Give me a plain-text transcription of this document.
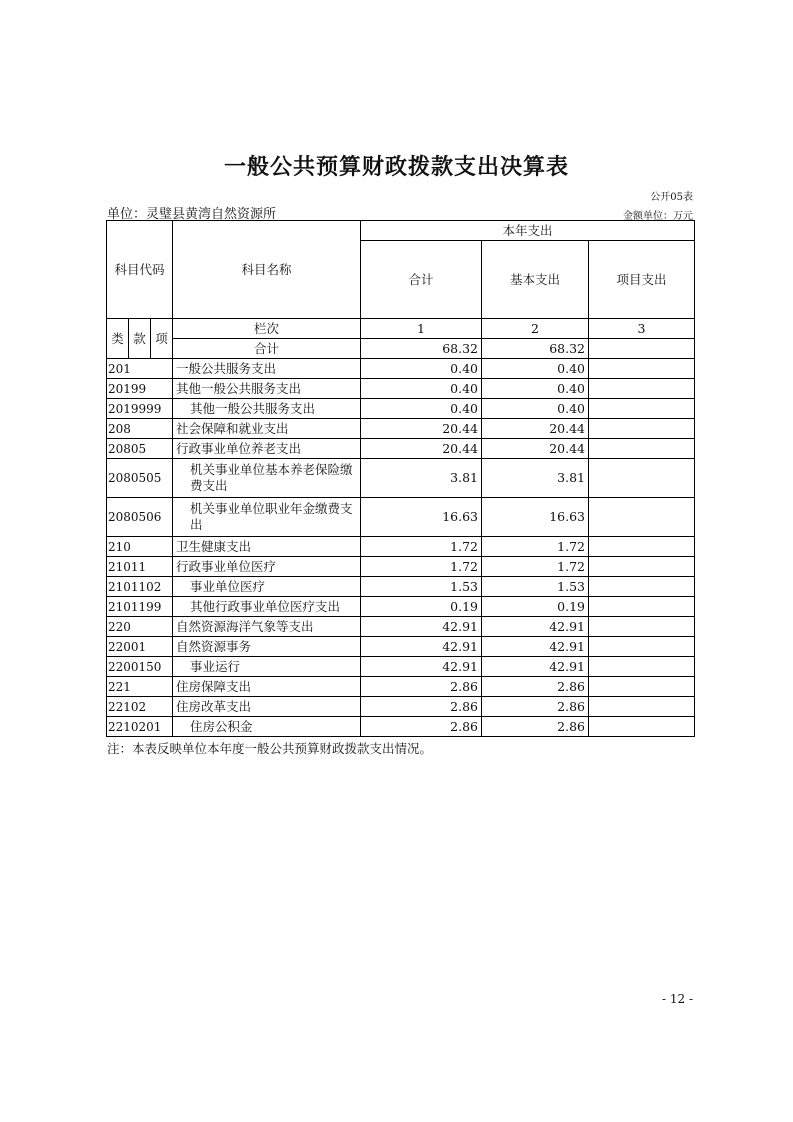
一般公共预算财政拨款支出决算表
公开05表
单位：灵璧县黄湾自然资源所	金额单位：万元
科目代码			科目名称	本年支出		
				合计	基本支出	项目支出

类	款	项	栏次	1	2	3
			合计	68.32	68.32	
201			一般公共服务支出	0.40	0.40	
20199			其他一般公共服务支出	0.40	0.40	
2019999			其他一般公共服务支出	0.40	0.40	
208			社会保障和就业支出	20.44	20.44	
20805			行政事业单位养老支出	20.44	20.44	
2080505			机关事业单位基本养老保险缴费支出	3.81	3.81	
2080506			机关事业单位职业年金缴费支出	16.63	16.63	
210			卫生健康支出	1.72	1.72	
21011			行政事业单位医疗	1.72	1.72	
2101102			事业单位医疗	1.53	1.53	
2101199			其他行政事业单位医疗支出	0.19	0.19	
220			自然资源海洋气象等支出	42.91	42.91	
22001			自然资源事务	42.91	42.91	
2200150			事业运行	42.91	42.91	
221			住房保障支出	2.86	2.86	
22102			住房改革支出	2.86	2.86	
2210201			住房公积金	2.86	2.86	
注：本表反映单位本年度一般公共预算财政拨款支出情况。
- 12 -
